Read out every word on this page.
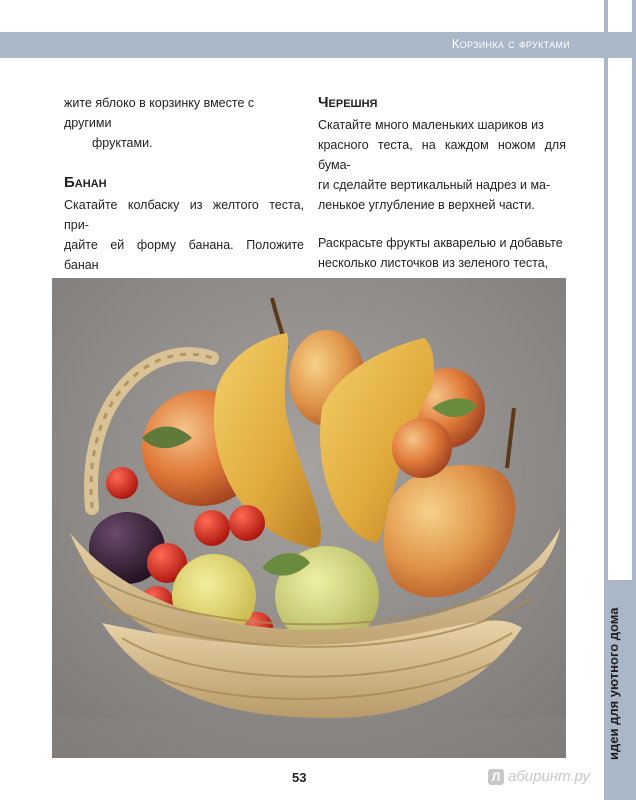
Корзинка с фруктами
идеи для уютного дома

жите яблоко в корзинку вместе с другими

фруктами.

Банан

Скатайте колбаску из желтого теста, при-

дайте ей форму банана. Положите банан

Черешня

Скатайте много маленьких шариков из

красного теста, на каждом ножом для бума-

ги сделайте вертикальный надрез и ма-

ленькое углубление в верхней части.

Раскрасьте фрукты акварелью и добавьте

несколько листочков из зеленого теста,

53	Л абиринт.ру
